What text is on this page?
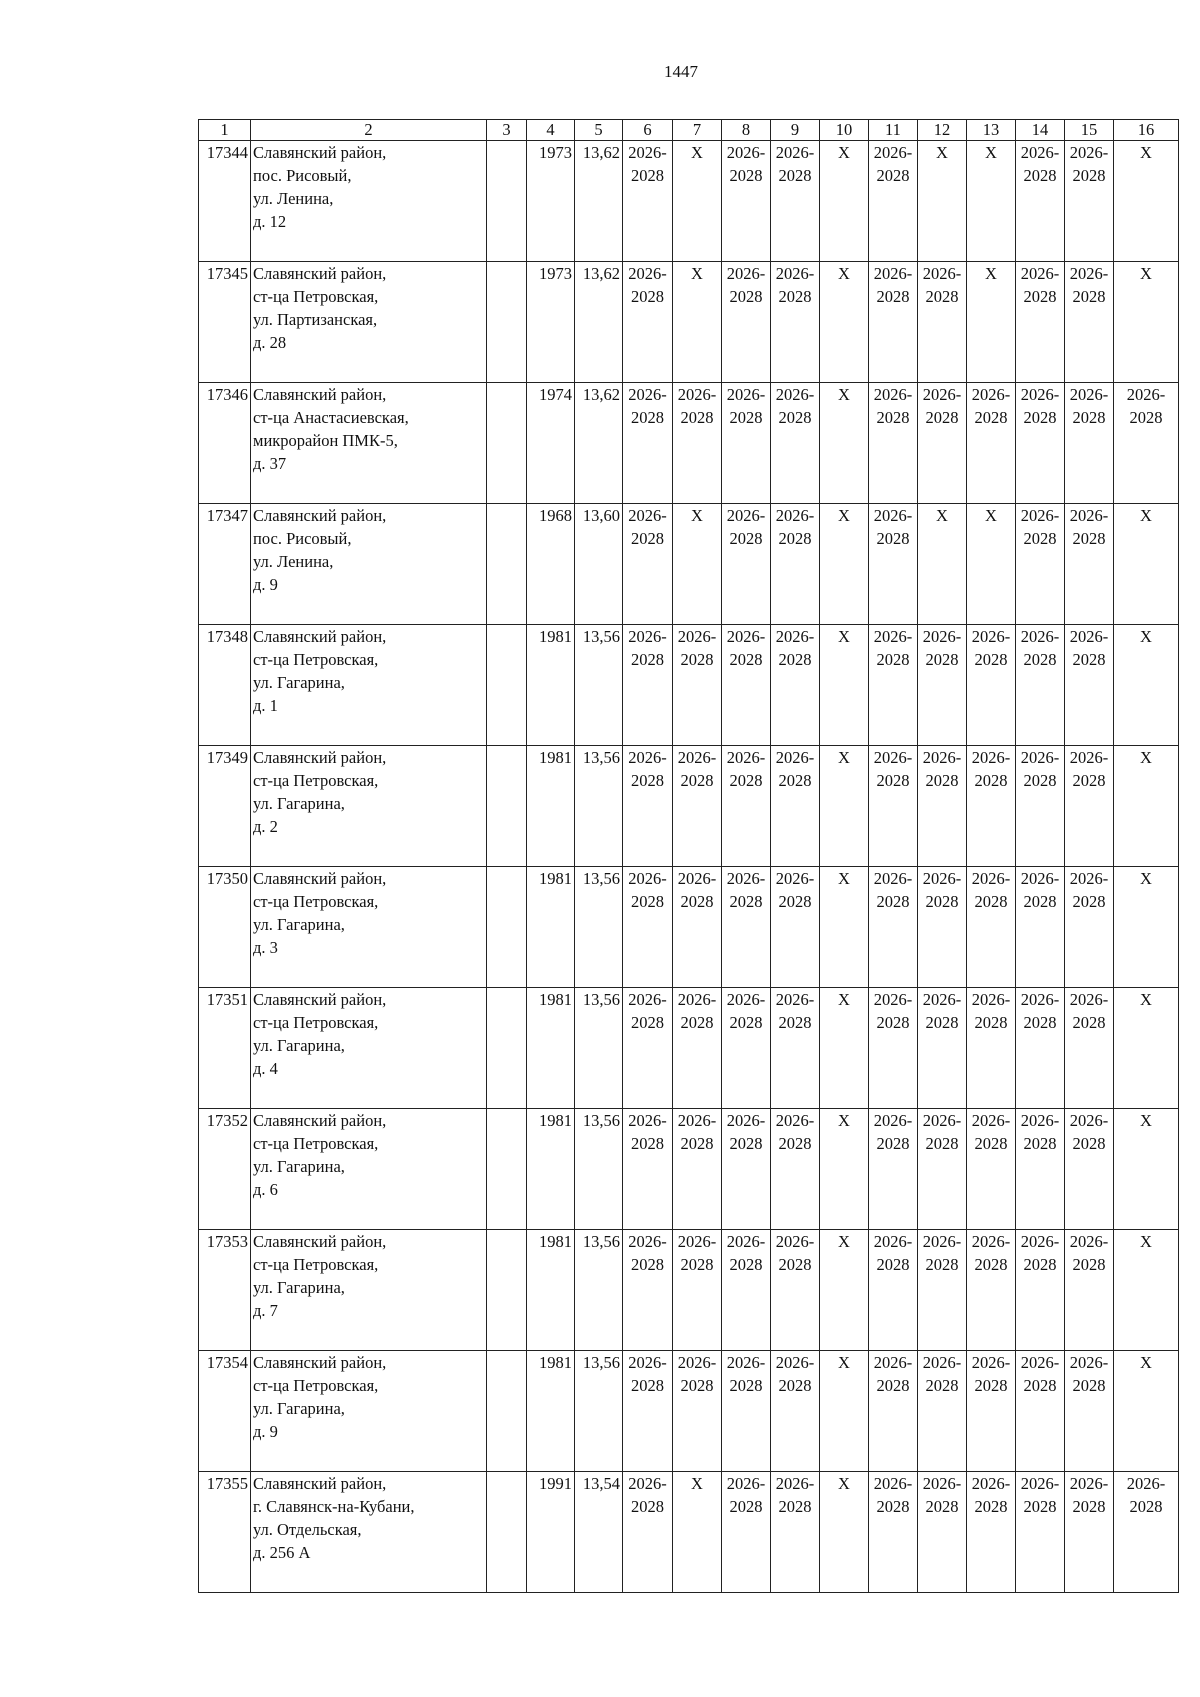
1447
1	2	3	4	5	6	7	8	9	10	11	12	13	14	15	16
17344	Славянский район,
пос. Рисовый,
ул. Ленина,
д. 12		1973	13,62	2026-
2028	X	2026-
2028	2026-
2028	X	2026-
2028	X	X	2026-
2028	2026-
2028	X
17345	Славянский район,
ст-ца Петровская,
ул. Партизанская,
д. 28		1973	13,62	2026-
2028	X	2026-
2028	2026-
2028	X	2026-
2028	2026-
2028	X	2026-
2028	2026-
2028	X
17346	Славянский район,
ст-ца Анастасиевская,
микрорайон ПМК-5,
д. 37		1974	13,62	2026-
2028	2026-
2028	2026-
2028	2026-
2028	X	2026-
2028	2026-
2028	2026-
2028	2026-
2028	2026-
2028	2026-
2028
17347	Славянский район,
пос. Рисовый,
ул. Ленина,
д. 9		1968	13,60	2026-
2028	X	2026-
2028	2026-
2028	X	2026-
2028	X	X	2026-
2028	2026-
2028	X
17348	Славянский район,
ст-ца Петровская,
ул. Гагарина,
д. 1		1981	13,56	2026-
2028	2026-
2028	2026-
2028	2026-
2028	X	2026-
2028	2026-
2028	2026-
2028	2026-
2028	2026-
2028	X
17349	Славянский район,
ст-ца Петровская,
ул. Гагарина,
д. 2		1981	13,56	2026-
2028	2026-
2028	2026-
2028	2026-
2028	X	2026-
2028	2026-
2028	2026-
2028	2026-
2028	2026-
2028	X
17350	Славянский район,
ст-ца Петровская,
ул. Гагарина,
д. 3		1981	13,56	2026-
2028	2026-
2028	2026-
2028	2026-
2028	X	2026-
2028	2026-
2028	2026-
2028	2026-
2028	2026-
2028	X
17351	Славянский район,
ст-ца Петровская,
ул. Гагарина,
д. 4		1981	13,56	2026-
2028	2026-
2028	2026-
2028	2026-
2028	X	2026-
2028	2026-
2028	2026-
2028	2026-
2028	2026-
2028	X
17352	Славянский район,
ст-ца Петровская,
ул. Гагарина,
д. 6		1981	13,56	2026-
2028	2026-
2028	2026-
2028	2026-
2028	X	2026-
2028	2026-
2028	2026-
2028	2026-
2028	2026-
2028	X
17353	Славянский район,
ст-ца Петровская,
ул. Гагарина,
д. 7		1981	13,56	2026-
2028	2026-
2028	2026-
2028	2026-
2028	X	2026-
2028	2026-
2028	2026-
2028	2026-
2028	2026-
2028	X
17354	Славянский район,
ст-ца Петровская,
ул. Гагарина,
д. 9		1981	13,56	2026-
2028	2026-
2028	2026-
2028	2026-
2028	X	2026-
2028	2026-
2028	2026-
2028	2026-
2028	2026-
2028	X
17355	Славянский район,
г. Славянск-на-Кубани,
ул. Отдельская,
д. 256 А		1991	13,54	2026-
2028	X	2026-
2028	2026-
2028	X	2026-
2028	2026-
2028	2026-
2028	2026-
2028	2026-
2028	2026-
2028
